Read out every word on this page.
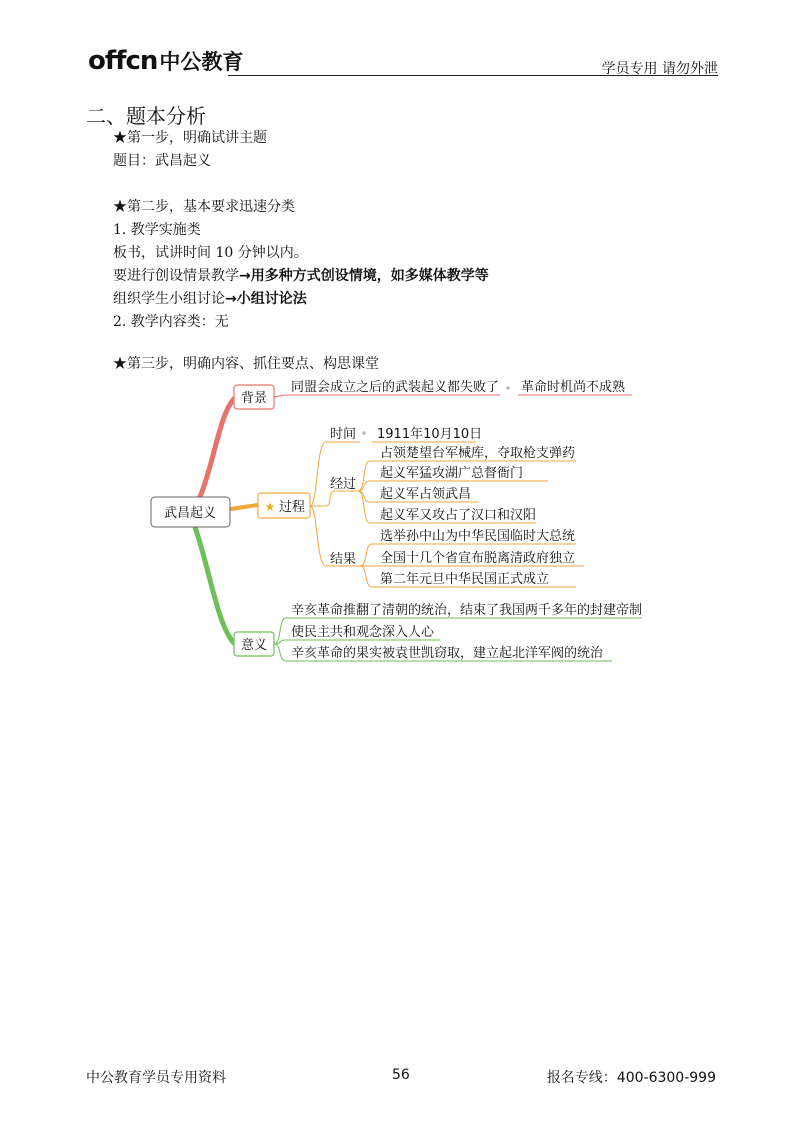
offcn中公教育	学员专用 请勿外泄
二、题本分析
★第一步，明确试讲主题
题目：武昌起义
★第二步，基本要求迅速分类
1. 教学实施类
板书，试讲时间 10 分钟以内。
要进行创设情景教学→用多种方式创设情境，如多媒体教学等
组织学生小组讨论→小组讨论法
2. 教学内容类：无
★第三步，明确内容、抓住要点、构思课堂
武昌起义
背景
同盟会成立之后的武装起义都失败了 革命时机尚不成熟
★ 过程
时间 1911年10月10日
经过
占领楚望台军械库，夺取枪支弹药
起义军猛攻湖广总督衙门
起义军占领武昌
起义军又攻占了汉口和汉阳
结果
选举孙中山为中华民国临时大总统
全国十几个省宣布脱离清政府独立
第二年元旦中华民国正式成立
意义
辛亥革命推翻了清朝的统治，结束了我国两千多年的封建帝制
使民主共和观念深入人心
辛亥革命的果实被袁世凯窃取，建立起北洋军阀的统治
中公教育学员专用资料	56	报名专线：400-6300-999
